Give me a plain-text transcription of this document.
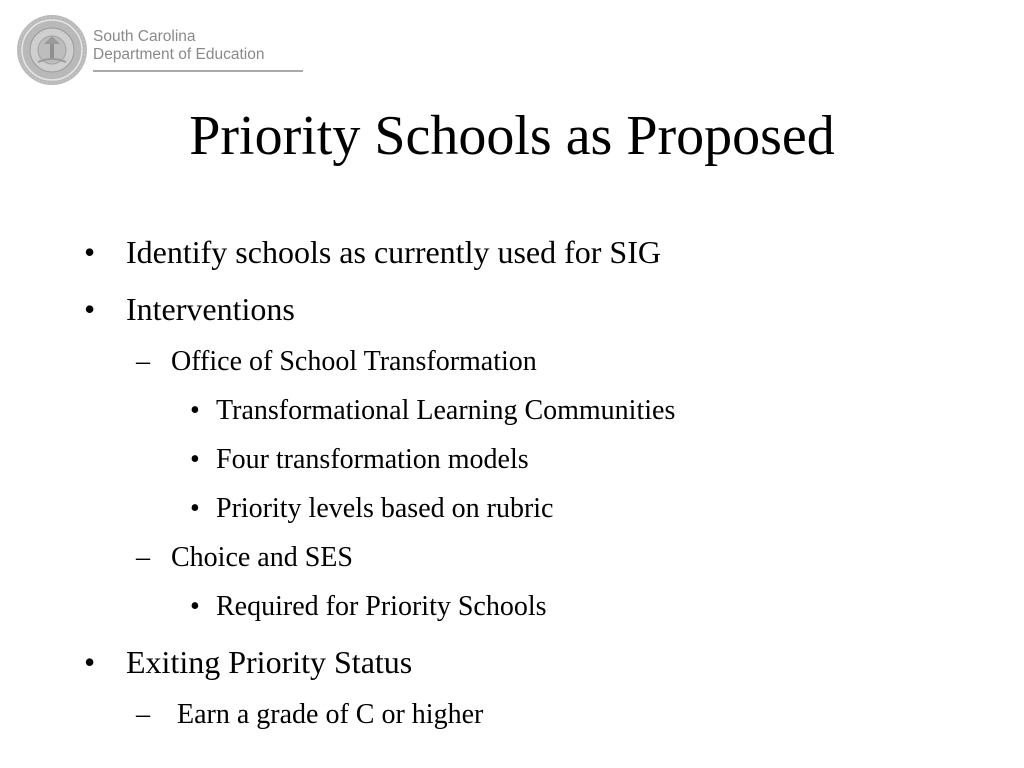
South Carolina
Department of Education
Priority Schools as Proposed
• Identify schools as currently used for SIG
• Interventions
– Office of School Transformation
• Transformational Learning Communities
• Four transformation models
• Priority levels based on rubric
– Choice and SES
• Required for Priority Schools
• Exiting Priority Status
– Earn a grade of C or higher
